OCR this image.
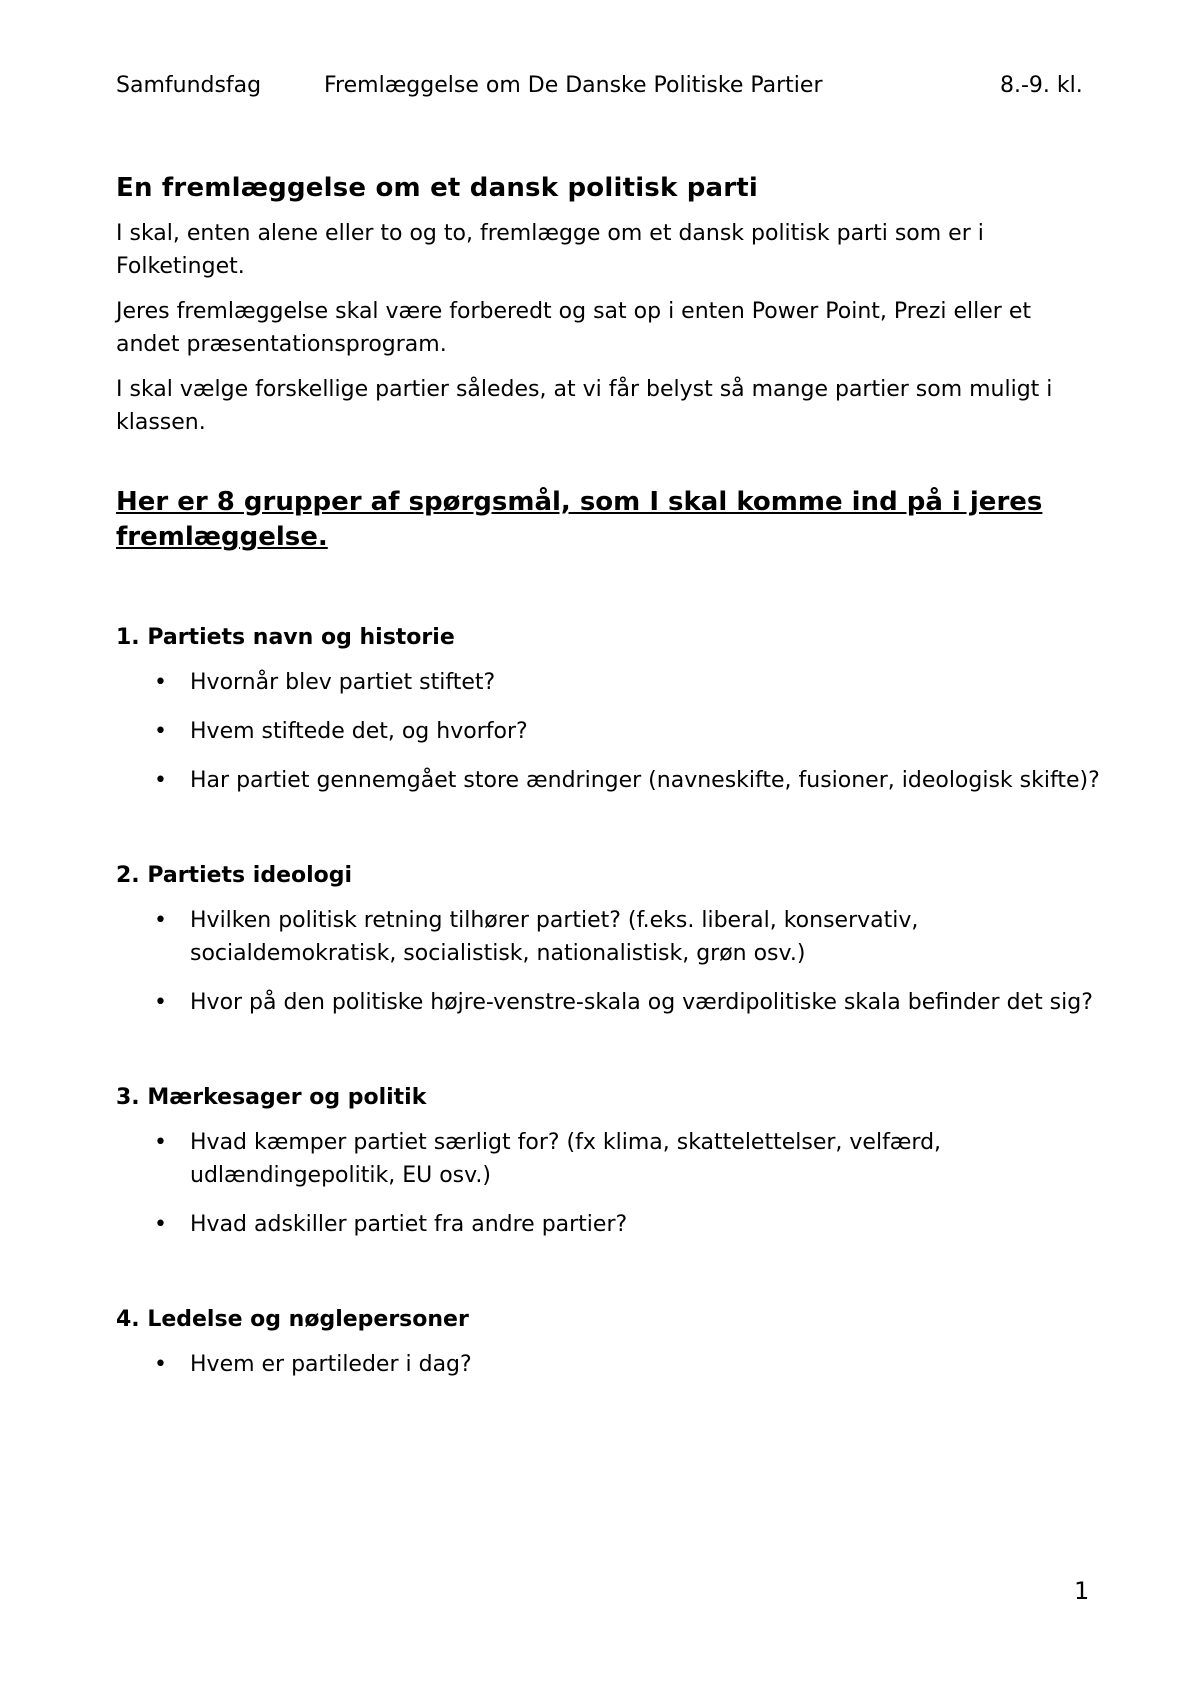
Samfundsfag	Fremlæggelse om De Danske Politiske Partier	8.-9. kl.
En fremlæggelse om et dansk politisk parti

I skal, enten alene eller to og to, fremlægge om et dansk politisk parti som er i Folketinget.

Jeres fremlæggelse skal være forberedt og sat op i enten Power Point, Prezi eller et andet præsentationsprogram.

I skal vælge forskellige partier således, at vi får belyst så mange partier som muligt i klassen.

Her er 8 grupper af spørgsmål, som I skal komme ind på i jeres fremlæggelse.
1. Partiets navn og historie
• Hvornår blev partiet stiftet?
• Hvem stiftede det, og hvorfor?
• Har partiet gennemgået store ændringer (navneskifte, fusioner, ideologisk skifte)?
2. Partiets ideologi
• Hvilken politisk retning tilhører partiet? (f.eks. liberal, konservativ, socialdemokratisk, socialistisk, nationalistisk, grøn osv.)
• Hvor på den politiske højre-venstre-skala og værdipolitiske skala befinder det sig?
3. Mærkesager og politik
• Hvad kæmper partiet særligt for? (fx klima, skattelettelser, velfærd, udlændingepolitik, EU osv.)
• Hvad adskiller partiet fra andre partier?
4. Ledelse og nøglepersoner
• Hvem er partileder i dag?
1
